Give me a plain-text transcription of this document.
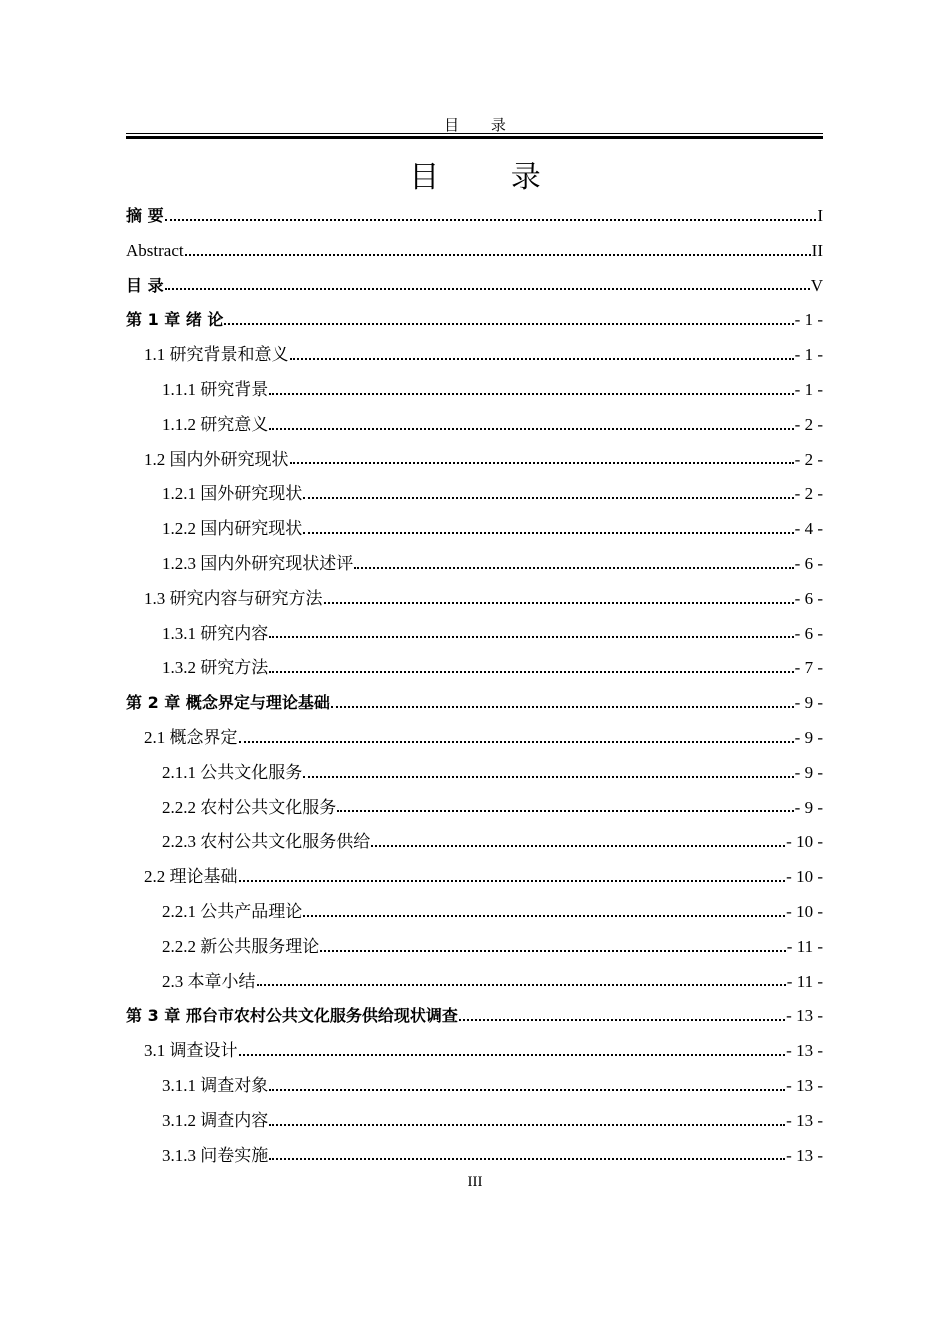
目 录
目 录
摘 要	I
Abstract	II
目 录	V
第 1 章 绪 论	- 1 -
1.1 研究背景和意义	- 1 -
1.1.1 研究背景	- 1 -
1.1.2 研究意义	- 2 -
1.2 国内外研究现状	- 2 -
1.2.1 国外研究现状	- 2 -
1.2.2 国内研究现状	- 4 -
1.2.3 国内外研究现状述评	- 6 -
1.3 研究内容与研究方法	- 6 -
1.3.1 研究内容	- 6 -
1.3.2 研究方法	- 7 -
第 2 章 概念界定与理论基础	- 9 -
2.1 概念界定	- 9 -
2.1.1 公共文化服务	- 9 -
2.2.2 农村公共文化服务	- 9 -
2.2.3 农村公共文化服务供给	- 10 -
2.2 理论基础	- 10 -
2.2.1 公共产品理论	- 10 -
2.2.2 新公共服务理论	- 11 -
2.3 本章小结	- 11 -
第 3 章 邢台市农村公共文化服务供给现状调查	- 13 -
3.1 调查设计	- 13 -
3.1.1 调查对象	- 13 -
3.1.2 调查内容	- 13 -
3.1.3 问卷实施	- 13 -
III
